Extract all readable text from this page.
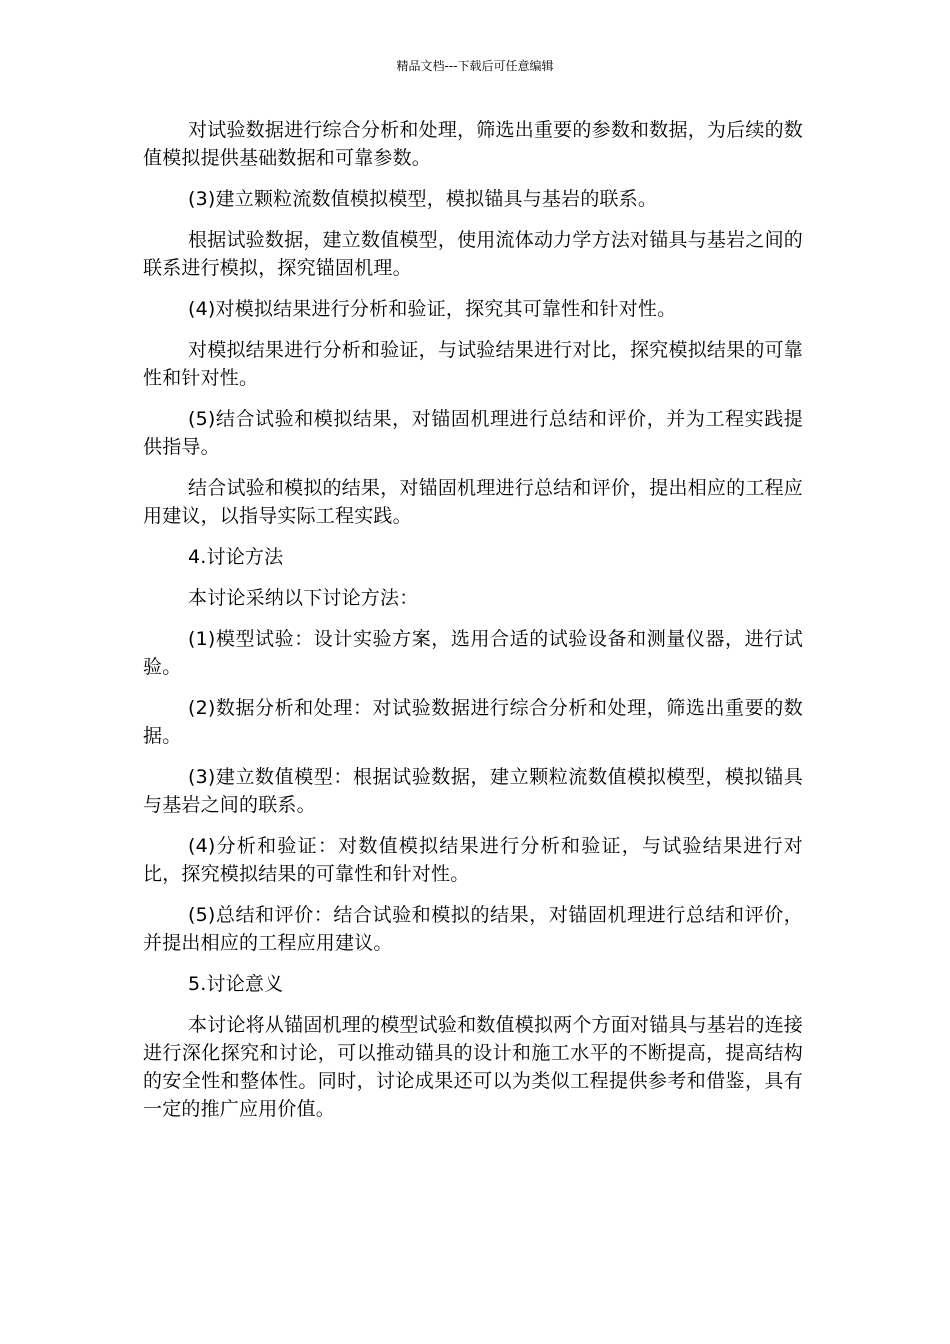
精品文档---下载后可任意编辑

对试验数据进行综合分析和处理，筛选出重要的参数和数据，为后续的数值模拟提供基础数据和可靠参数。

(3)建立颗粒流数值模拟模型，模拟锚具与基岩的联系。

根据试验数据，建立数值模型，使用流体动力学方法对锚具与基岩之间的联系进行模拟，探究锚固机理。

(4)对模拟结果进行分析和验证，探究其可靠性和针对性。

对模拟结果进行分析和验证，与试验结果进行对比，探究模拟结果的可靠性和针对性。

(5)结合试验和模拟结果，对锚固机理进行总结和评价，并为工程实践提供指导。

结合试验和模拟的结果，对锚固机理进行总结和评价，提出相应的工程应用建议，以指导实际工程实践。

4.讨论方法

本讨论采纳以下讨论方法：

(1)模型试验：设计实验方案，选用合适的试验设备和测量仪器，进行试验。

(2)数据分析和处理：对试验数据进行综合分析和处理，筛选出重要的数据。

(3)建立数值模型：根据试验数据，建立颗粒流数值模拟模型，模拟锚具与基岩之间的联系。

(4)分析和验证：对数值模拟结果进行分析和验证，与试验结果进行对比，探究模拟结果的可靠性和针对性。

(5)总结和评价：结合试验和模拟的结果，对锚固机理进行总结和评价，并提出相应的工程应用建议。

5.讨论意义

本讨论将从锚固机理的模型试验和数值模拟两个方面对锚具与基岩的连接进行深化探究和讨论，可以推动锚具的设计和施工水平的不断提高，提高结构的安全性和整体性。同时，讨论成果还可以为类似工程提供参考和借鉴，具有一定的推广应用价值。
